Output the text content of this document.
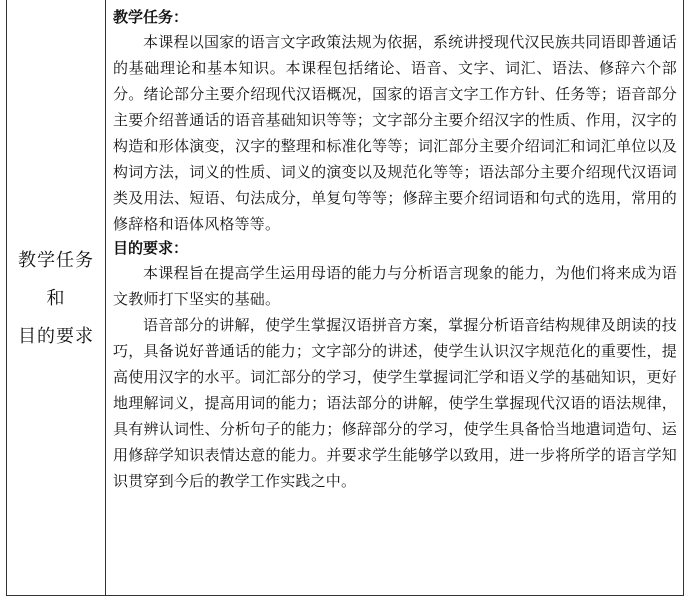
教学任务
和
目的要求

教学任务：

本课程以国家的语言文字政策法规为依据，系统讲授现代汉民族共同语即普通话的基础理论和基本知识。本课程包括绪论、语音、文字、词汇、语法、修辞六个部分。绪论部分主要介绍现代汉语概况，国家的语言文字工作方针、任务等；语音部分主要介绍普通话的语音基础知识等等；文字部分主要介绍汉字的性质、作用，汉字的构造和形体演变，汉字的整理和标准化等等；词汇部分主要介绍词汇和词汇单位以及构词方法，词义的性质、词义的演变以及规范化等等；语法部分主要介绍现代汉语词类及用法、短语、句法成分，单复句等等；修辞主要介绍词语和句式的选用，常用的修辞格和语体风格等等。

目的要求：

本课程旨在提高学生运用母语的能力与分析语言现象的能力，为他们将来成为语文教师打下坚实的基础。

语音部分的讲解，使学生掌握汉语拼音方案，掌握分析语音结构规律及朗读的技巧，具备说好普通话的能力；文字部分的讲述，使学生认识汉字规范化的重要性，提高使用汉字的水平。词汇部分的学习，使学生掌握词汇学和语义学的基础知识，更好地理解词义，提高用词的能力；语法部分的讲解，使学生掌握现代汉语的语法规律，具有辨认词性、分析句子的能力；修辞部分的学习，使学生具备恰当地遣词造句、运用修辞学知识表情达意的能力。并要求学生能够学以致用，进一步将所学的语言学知识贯穿到今后的教学工作实践之中。
